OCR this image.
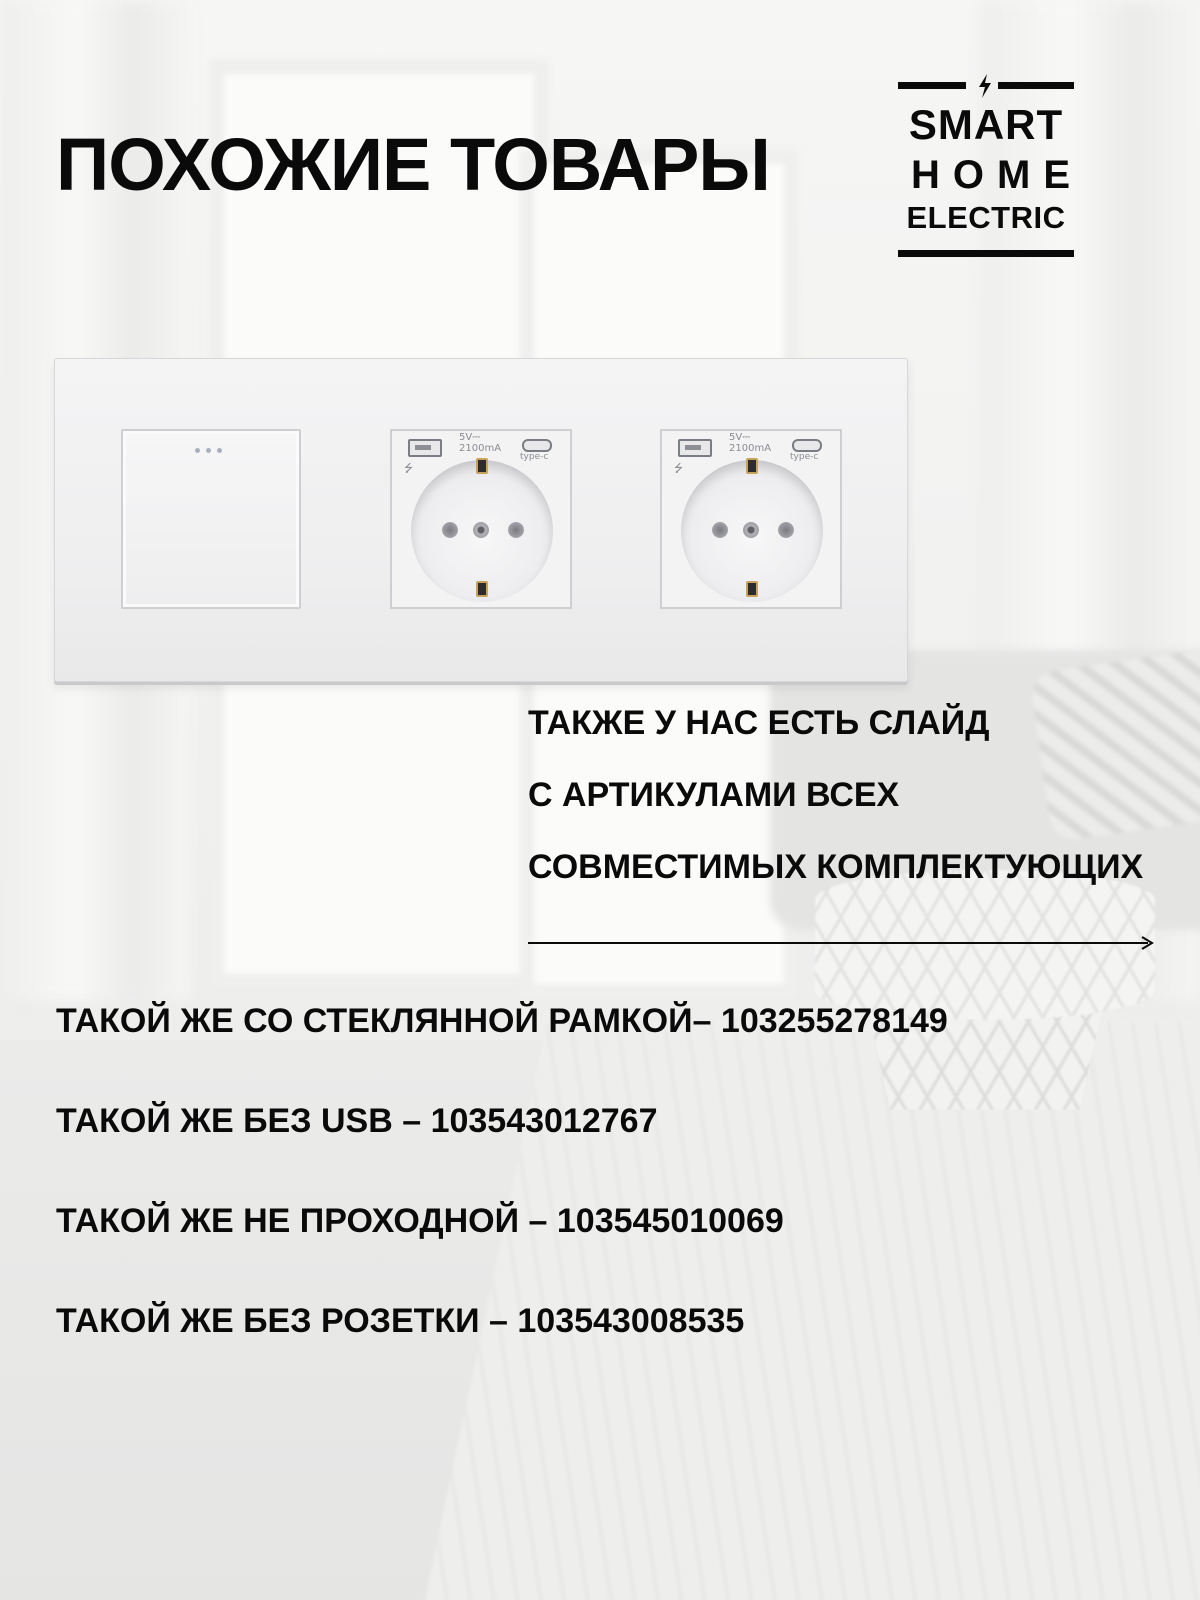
ПОХОЖИЕ ТОВАРЫ	SMART
HOME
ELECTRIC
5V⎓
2100mA
type-c
⭍
5V⎓
2100mA
type-c
⭍
ТАКЖЕ У НАС ЕСТЬ СЛАЙД
С АРТИКУЛАМИ ВСЕХ
СОВМЕСТИМЫХ КОМПЛЕКТУЮЩИХ
ТАКОЙ ЖЕ СО СТЕКЛЯННОЙ РАМКОЙ– 103255278149
ТАКОЙ ЖЕ БЕЗ USB – 103543012767
ТАКОЙ ЖЕ НЕ ПРОХОДНОЙ – 103545010069
ТАКОЙ ЖЕ БЕЗ РОЗЕТКИ – 103543008535
